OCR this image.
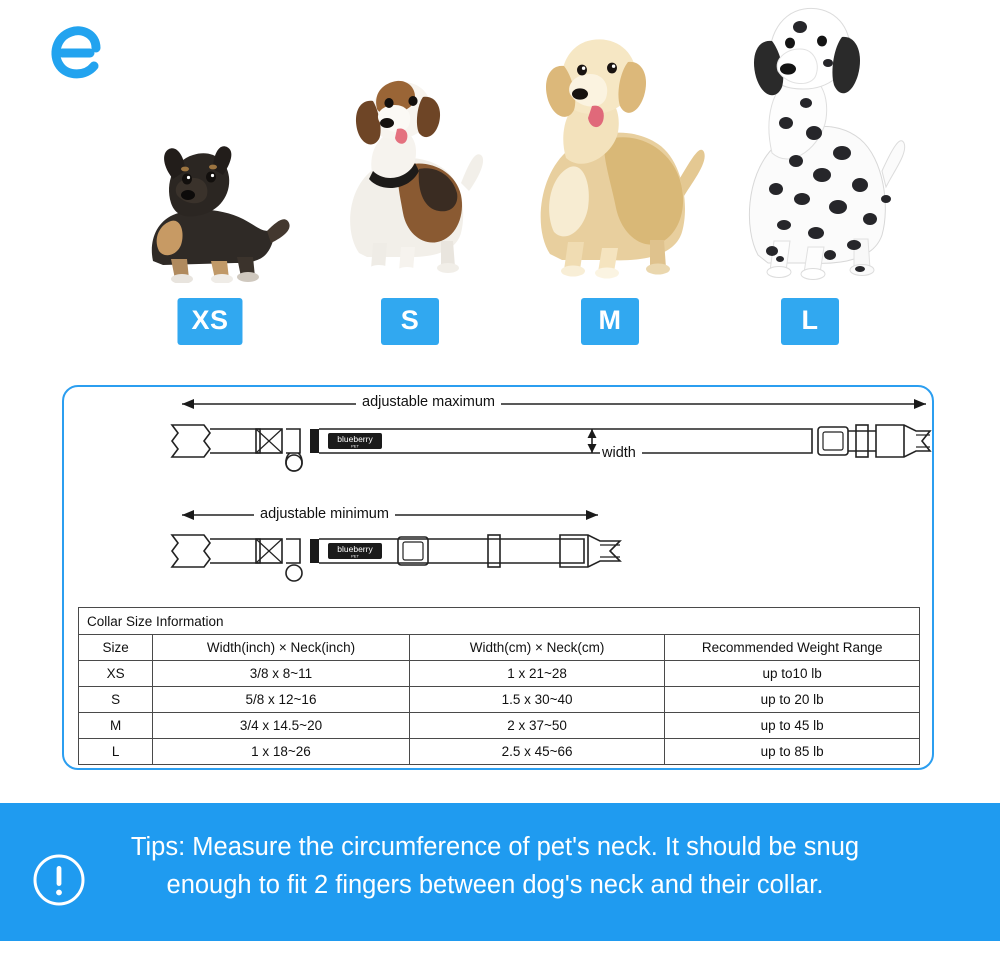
XS	S	M	L
blueberry
PET
blueberry
PET
adjustable maximum
adjustable minimum
width
Collar Size Information			
Size	Width(inch) × Neck(inch)	Width(cm) × Neck(cm)	Recommended Weight Range
XS	3/8 x 8~11	1 x 21~28	up to10 lb
S	5/8 x 12~16	1.5 x 30~40	up to 20 lb
M	3/4 x 14.5~20	2 x 37~50	up to 45 lb
L	1 x 18~26	2.5 x 45~66	up to 85 lb
Tips: Measure the circumference of pet's neck. It should be snug enough to fit 2 fingers between dog's neck and their collar.
